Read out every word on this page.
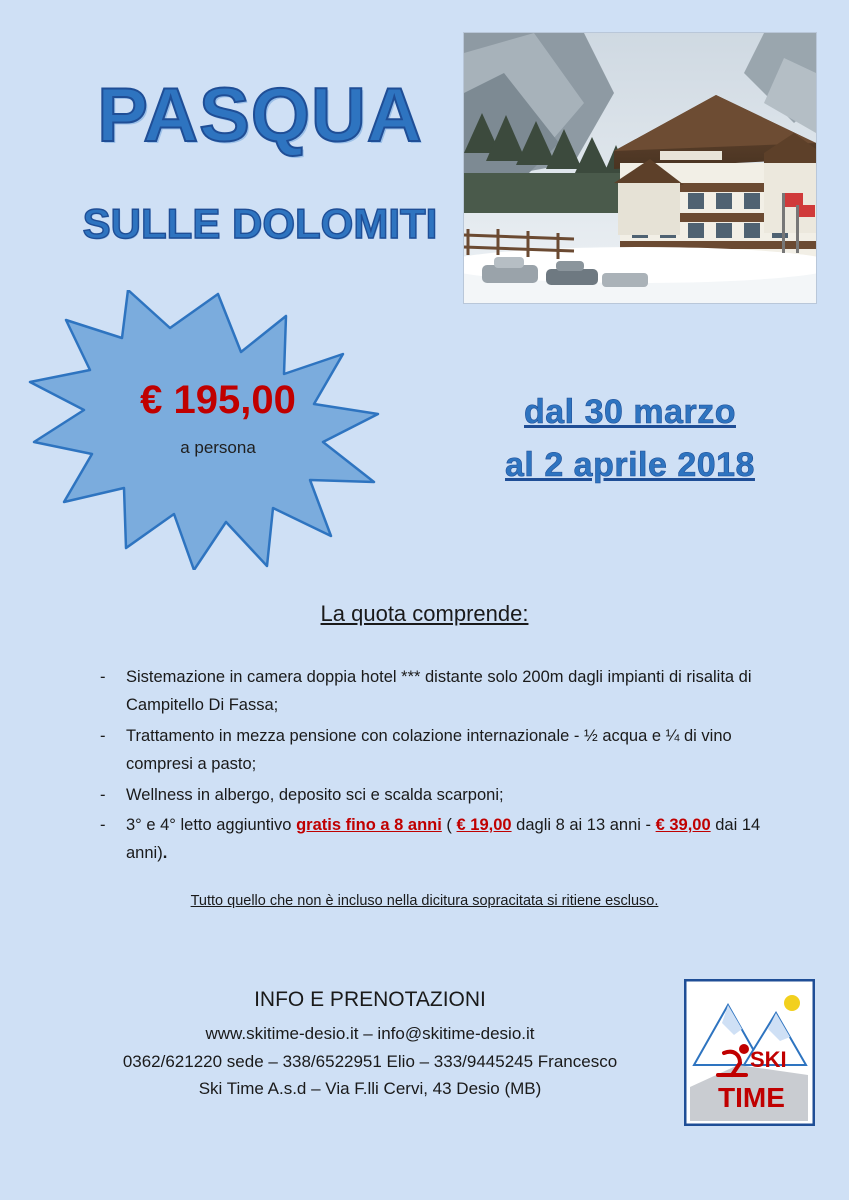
PASQUA
SULLE DOLOMITI
€ 195,00
a persona
dal 30 marzo
al 2 aprile 2018
La quota comprende:
-	Sistemazione in camera doppia hotel *** distante solo 200m dagli impianti di risalita di Campitello Di Fassa;
-	Trattamento in mezza pensione con colazione internazionale - ½ acqua e ¼ di vino compresi a pasto;
-	Wellness in albergo, deposito sci e scalda scarponi;
-	3° e 4° letto aggiuntivo gratis fino a 8 anni ( € 19,00 dagli 8 ai 13 anni - € 39,00 dai 14 anni).
Tutto quello che non è incluso nella dicitura sopracitata si ritiene escluso.
INFO E PRENOTAZIONI
www.skitime-desio.it – info@skitime-desio.it
0362/621220 sede – 338/6522951 Elio – 333/9445245 Francesco
Ski Time A.s.d – Via F.lli Cervi, 43 Desio (MB)
SKI
TIME
